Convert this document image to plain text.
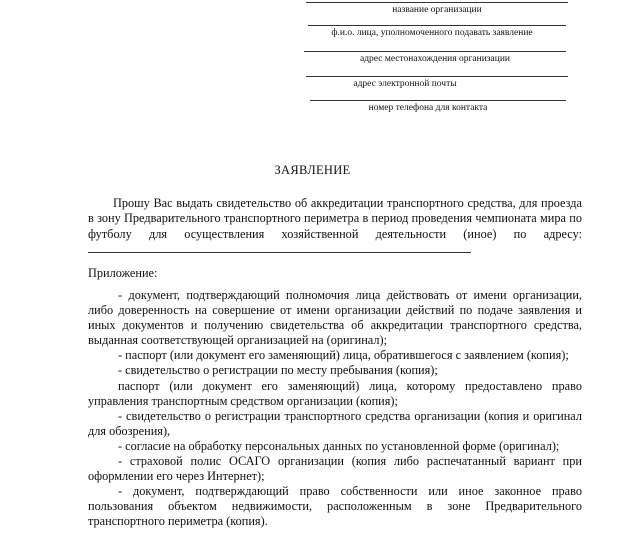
название организации
ф.и.о. лица, уполномоченного подавать заявление
адрес местонахождения организации
адрес электронной почты
номер телефона для контакта
ЗАЯВЛЕНИЕ
Прошу Вас выдать свидетельство об аккредитации транспортного средства, для проезда в зону Предварительного транспортного периметра в период проведения чемпионата мира по футболу для осуществления хозяйственной деятельности (иное) по адресу:
Приложение:

- документ, подтверждающий полномочия лица действовать от имени организации, либо доверенность на совершение от имени организации действий по подаче заявления и иных документов и получению свидетельства об аккредитации транспортного средства, выданная соответствующей организацией на (оригинал);

- паспорт (или документ его заменяющий) лица, обратившегося с заявлением (копия);

- свидетельство о регистрации по месту пребывания (копия);

паспорт (или документ его заменяющий) лица, которому предоставлено право управления транспортным средством организации (копия);

- свидетельство о регистрации транспортного средства организации (копия и оригинал для обозрения),

- согласие на обработку персональных данных по установленной форме (оригинал);

- страховой полис ОСАГО организации (копия либо распечатанный вариант при оформлении его через Интернет);

- документ, подтверждающий право собственности или иное законное право пользования объектом недвижимости, расположенным в зоне Предварительного транспортного периметра (копия).
